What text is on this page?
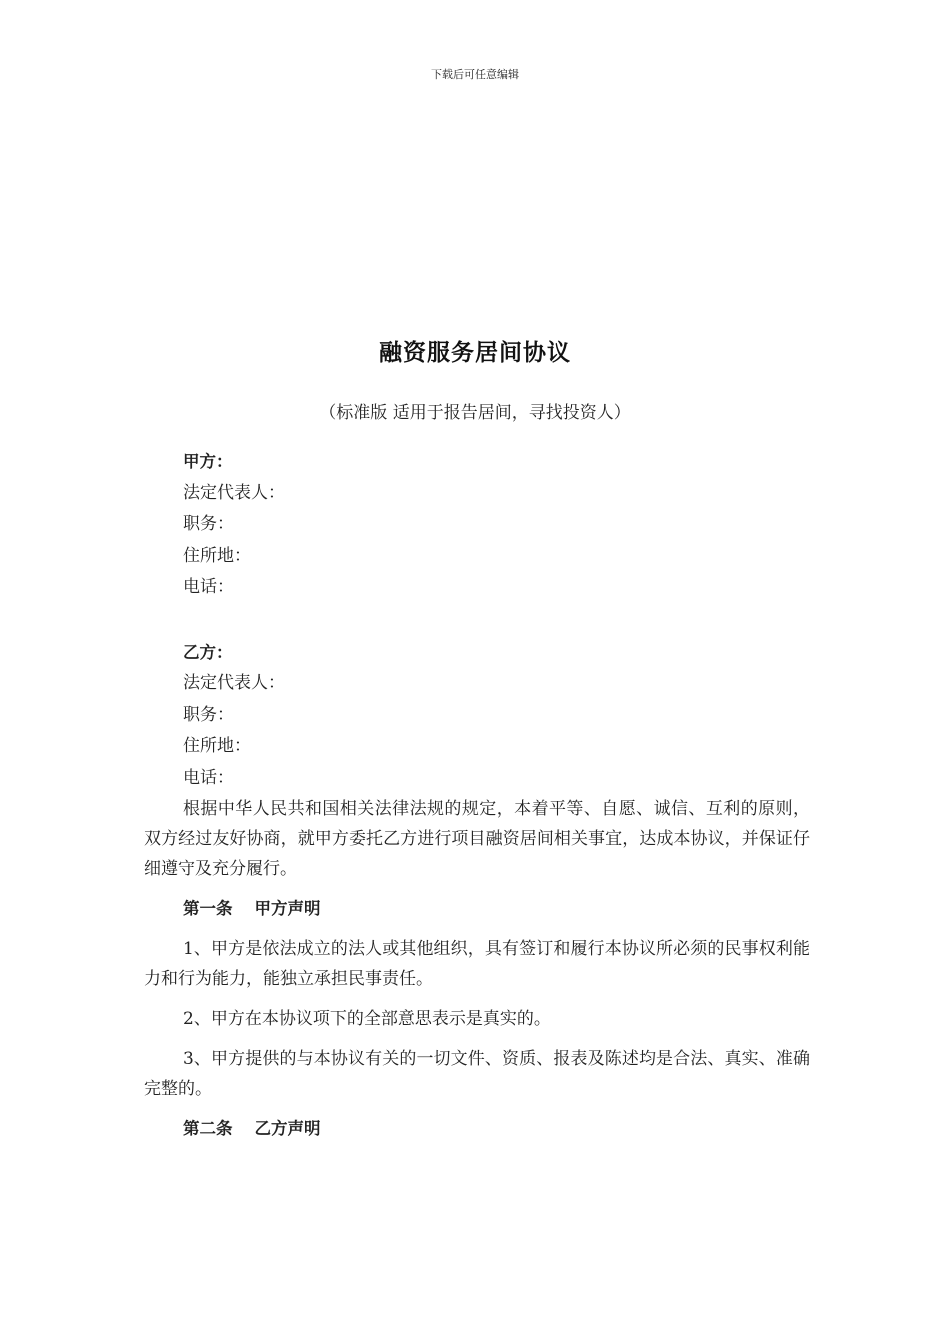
下载后可任意编辑
融资服务居间协议
（标准版 适用于报告居间，寻找投资人）
甲方：
法定代表人：
职务：
住所地：
电话：
乙方：
法定代表人：
职务：
住所地：
电话：

根据中华人民共和国相关法律法规的规定，本着平等、自愿、诚信、互利的原则，双方经过友好协商，就甲方委托乙方进行项目融资居间相关事宜，达成本协议，并保证仔细遵守及充分履行。

第一条 甲方声明

1、甲方是依法成立的法人或其他组织，具有签订和履行本协议所必须的民事权利能力和行为能力，能独立承担民事责任。

2、甲方在本协议项下的全部意思表示是真实的。

3、甲方提供的与本协议有关的一切文件、资质、报表及陈述均是合法、真实、准确完整的。

第二条 乙方声明
